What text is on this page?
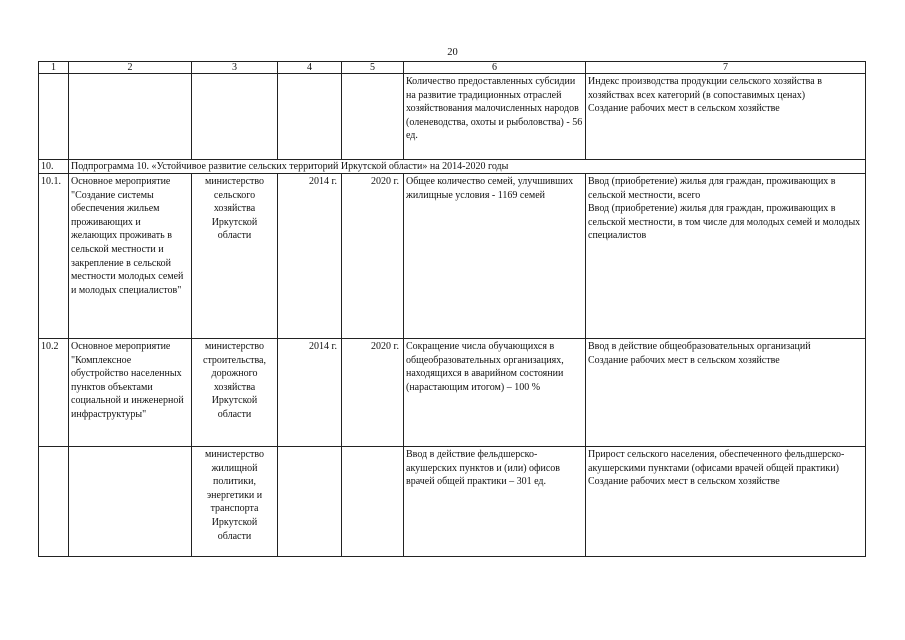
20
1	2	3	4	5	6	7
					Количество предоставленных субсидии на развитие традиционных отраслей хозяйствования малочисленных народов (оленеводства, охоты и рыболовства) - 56 ед.	Индекс производства продукции сельского хозяйства в хозяйствах всех категорий (в сопоставимых ценах)
Создание рабочих мест в сельском хозяйстве

10.	Подпрограмма 10. «Устойчивое развитие сельских территорий Иркутской области» на 2014-2020 годы					
10.1.	Основное мероприятие "Создание системы обеспечения жильем проживающих и желающих проживать в сельской местности и закрепление в сельской местности молодых семей и молодых специалистов"	министерство сельского хозяйства Иркутской области	2014 г.	2020 г.	Общее количество семей, улучшивших жилищные условия - 1169 семей	Ввод (приобретение) жилья для граждан, проживающих в сельской местности, всего
Ввод (приобретение) жилья для граждан, проживающих в сельской местности, в том числе для молодых семей и молодых специалистов

10.2	Основное мероприятие "Комплексное обустройство населенных пунктов объектами социальной и инженерной инфраструктуры"	министерство строительства, дорожного хозяйства Иркутской области	2014 г.	2020 г.	Сокращение числа обучающихся в общеобразовательных организациях, находящихся в аварийном состоянии (нарастающим итогом) – 100 %	Ввод в действие общеобразовательных организаций
Создание рабочих мест в сельском хозяйстве

		министерство жилищной политики, энергетики и транспорта Иркутской области			Ввод в действие фельдшерско-акушерских пунктов и (или) офисов врачей общей практики – 301 ед.	Прирост сельского населения, обеспеченного фельдшерско-акушерскими пунктами (офисами врачей общей практики)
Создание рабочих мест в сельском хозяйстве
